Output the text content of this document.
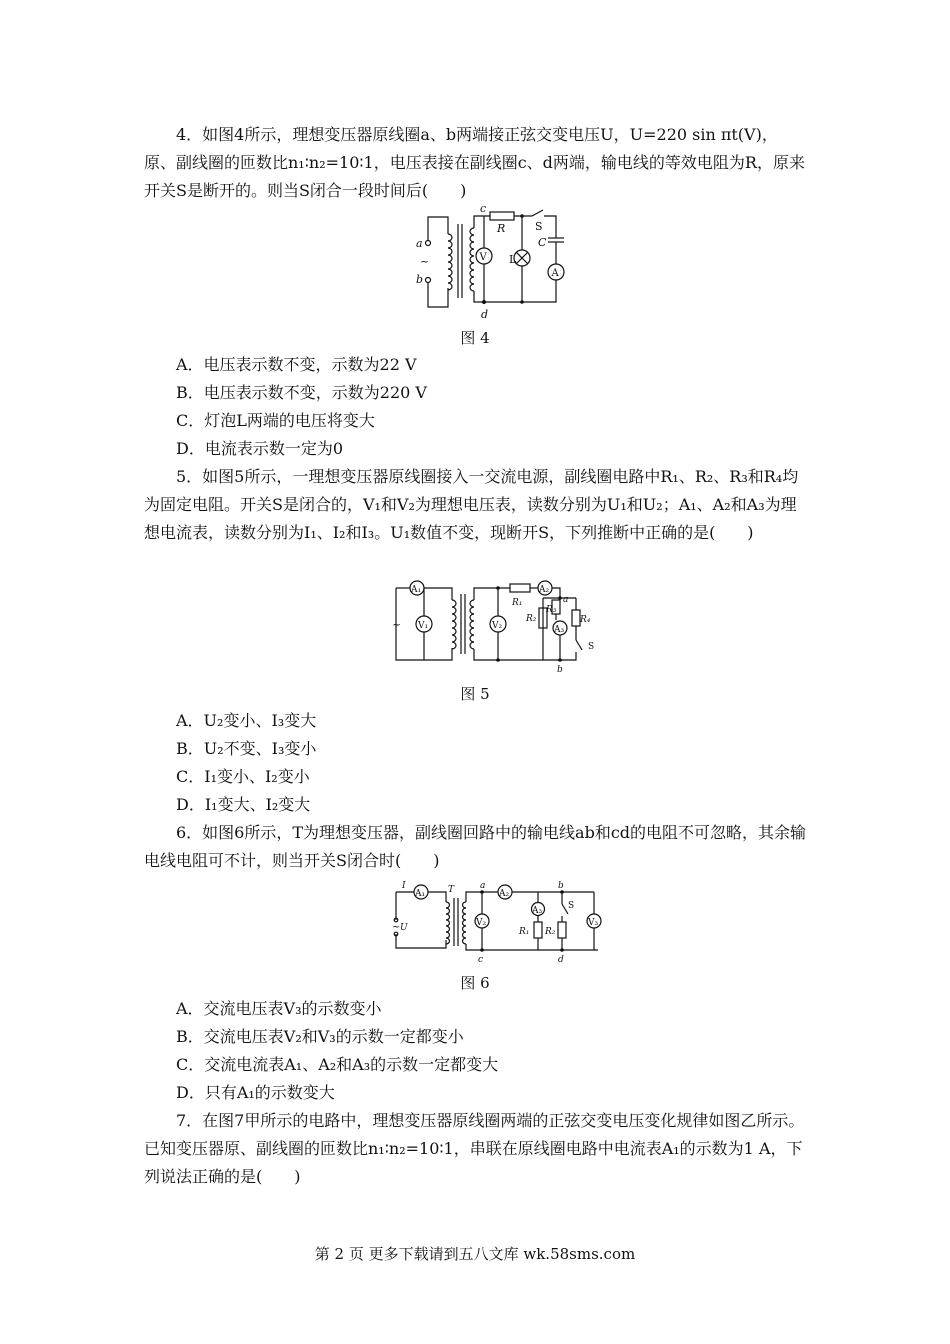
4．如图4所示，理想变压器原线圈a、b两端接正弦交变电压U，U=220 sin πt(V)，原、副线圈的匝数比n₁∶n₂=10∶1，电压表接在副线圈c、d两端，输电线的等效电阻为R，原来开关S是断开的。则当S闭合一段时间后(　　)

a
b
c
d
R
C
~	V L
S
A

图 4

A．电压表示数不变，示数为22 V

B．电压表示数不变，示数为220 V

C．灯泡L两端的电压将变大

D．电流表示数一定为0

5．如图5所示，一理想变压器原线圈接入一交流电源，副线圈电路中R₁、R₂、R₃和R₄均为固定电阻。开关S是闭合的，V₁和V₂为理想电压表，读数分别为U₁和U₂；A₁、A₂和A₃为理想电流表，读数分别为I₁、I₂和I₃。U₁数值不变，现断开S，下列推断中正确的是(　　)

~
A₁
V₁	V₂
A₂
A₃
S
R₁
R₂
R₃
R₄
a
b

图 5

A．U₂变小、I₃变大

B．U₂不变、I₃变小

C．I₁变小、I₂变小

D．I₁变大、I₂变大

6．如图6所示，T为理想变压器，副线圈回路中的输电线ab和cd的电阻不可忽略，其余输电线电阻可不计，则当开关S闭合时(　　)

A₁
~	V₂
A₂
A₃	S
V₃
I	T
U
a	b
c	d
R₁ R₂

图 6

A．交流电压表V₃的示数变小

B．交流电压表V₂和V₃的示数一定都变小

C．交流电流表A₁、A₂和A₃的示数一定都变大

D．只有A₁的示数变大

7．在图7甲所示的电路中，理想变压器原线圈两端的正弦交变电压变化规律如图乙所示。已知变压器原、副线圈的匝数比n₁∶n₂=10∶1，串联在原线圈电路中电流表A₁的示数为1 A，下列说法正确的是(　　)

第 2 页 更多下载请到五八文库 wk.58sms.com
